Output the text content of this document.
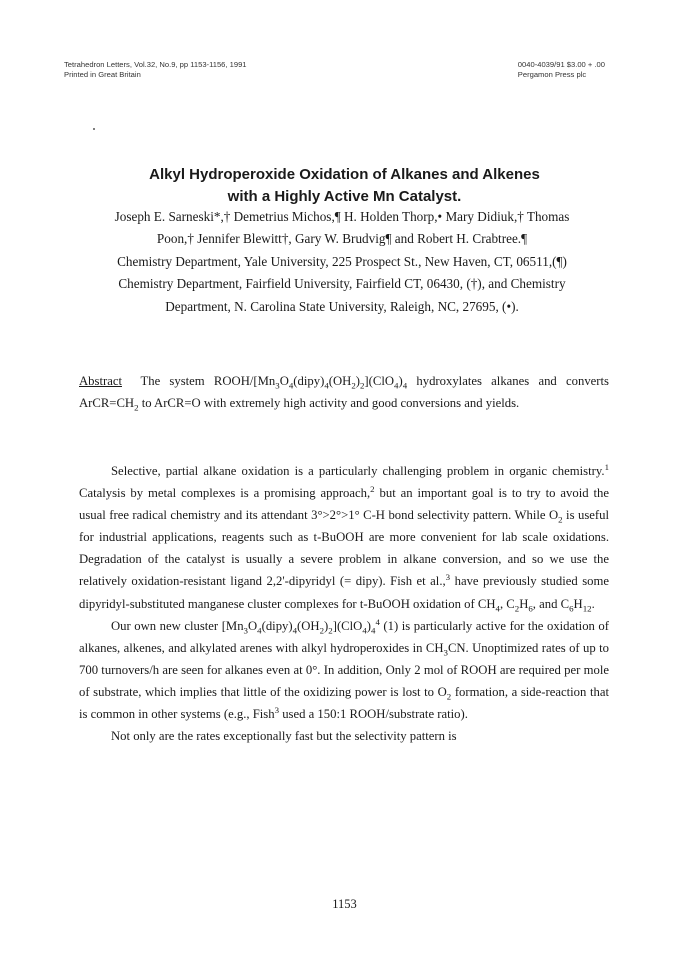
Tetrahedron Letters, Vol.32, No.9, pp 1153-1156, 1991
Printed in Great Britain
0040-4039/91 $3.00 + .00
Pergamon Press plc
Alkyl Hydroperoxide Oxidation of Alkanes and Alkenes
with a Highly Active Mn Catalyst.
Joseph E. Sarneski*,† Demetrius Michos,¶ H. Holden Thorp,• Mary Didiuk,† Thomas
Poon,† Jennifer Blewitt†, Gary W. Brudvig¶ and Robert H. Crabtree.¶
Chemistry Department, Yale University, 225 Prospect St., New Haven, CT, 06511,(¶)
Chemistry Department, Fairfield University, Fairfield CT, 06430, (†), and Chemistry
Department, N. Carolina State University, Raleigh, NC, 27695, (•).
Abstract The system ROOH/$[Mn_3O_4(dipy)_4(OH_2)_2](ClO_4)_4$ hydroxylates alkanes and converts $ArCR=CH_2$ to ArCR=O with extremely high activity and good conversions and yields.

Selective, partial alkane oxidation is a particularly challenging problem in organic chemistry.$^1$ Catalysis by metal complexes is a promising approach,$^2$ but an important goal is to try to avoid the usual free radical chemistry and its attendant 3°>2°>1° C-H bond selectivity pattern. While $O_2$ is useful for industrial applications, reagents such as t-BuOOH are more convenient for lab scale oxidations. Degradation of the catalyst is usually a severe problem in alkane conversion, and so we use the relatively oxidation-resistant ligand 2,2'-dipyridyl (= dipy). Fish et al.,$^3$ have previously studied some dipyridyl-substituted manganese cluster complexes for t-BuOOH oxidation of $CH_4$, $C_2H_6$, and $C_6H_{12}$.

Our own new cluster $[Mn_3O_4(dipy)_4(OH_2)_2](ClO_4)_4^4$ (1) is particularly active for the oxidation of alkanes, alkenes, and alkylated arenes with alkyl hydroperoxides in $CH_3CN$. Unoptimized rates of up to 700 turnovers/h are seen for alkanes even at 0°. In addition, Only 2 mol of ROOH are required per mole of substrate, which implies that little of the oxidizing power is lost to $O_2$ formation, a side-reaction that is common in other systems (e.g., Fish$^3$ used a 150:1 ROOH/substrate ratio).

Not only are the rates exceptionally fast but the selectivity pattern is

1153
